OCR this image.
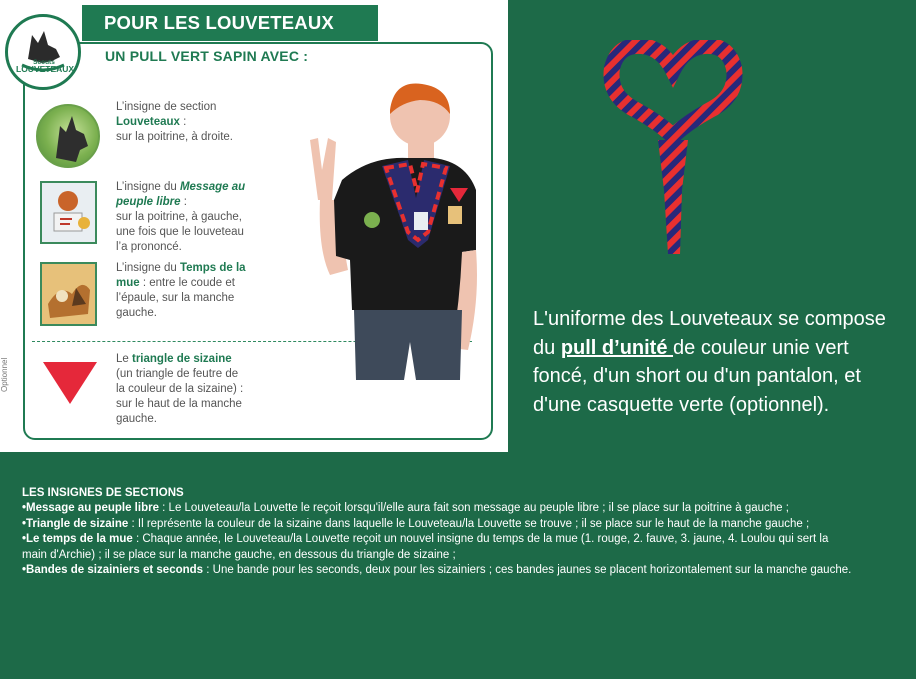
POUR LES LOUVETEAUX
UN PULL VERT SAPIN AVEC :
Scouts
LOUVETEAUX
L’insigne de section
Louveteaux :
sur la poitrine, à droite.
L’insigne du Message au
peuple libre :
sur la poitrine, à gauche,
une fois que le louveteau
l’a prononcé.
L’insigne du Temps de la
mue : entre le coude et
l’épaule, sur la manche
gauche.
Le triangle de sizaine
(un triangle de feutre de
la couleur de la sizaine) :
sur le haut de la manche
gauche.
Optionnel
L'uniforme des Louveteaux se compose du pull d’unité de couleur unie vert foncé, d'un short ou d'un pantalon, et d'une casquette verte (optionnel).
LES INSIGNES DE SECTIONS
•Message au peuple libre : Le Louveteau/la Louvette le reçoit lorsqu'il/elle aura fait son message au peuple libre ; il se place sur la poitrine à gauche ;
•Triangle de sizaine : Il représente la couleur de la sizaine dans laquelle le Louveteau/la Louvette se trouve ; il se place sur le haut de la manche gauche ;
•Le temps de la mue : Chaque année, le Louveteau/la Louvette reçoit un nouvel insigne du temps de la mue (1. rouge, 2. fauve, 3. jaune, 4. Loulou qui sert la main d'Archie) ; il se place sur la manche gauche, en dessous du triangle de sizaine ;
•Bandes de sizainiers et seconds : Une bande pour les seconds, deux pour les sizainiers ; ces bandes jaunes se placent horizontalement sur la manche gauche.
